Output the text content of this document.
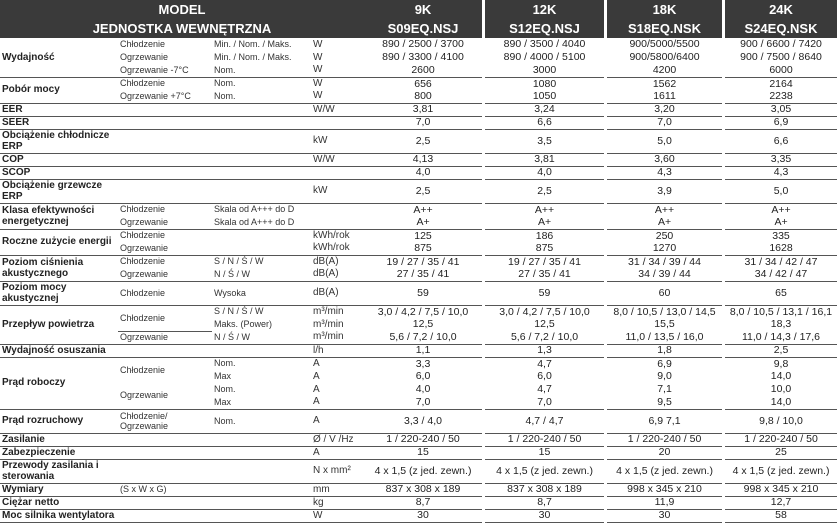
MODEL 9K						12K		18K		24K

JEDNOSTKA WEWNĘTRZNA S09EQ.NSJ						S12EQ.NSJ		S18EQ.NSK		S24EQ.NSK
Wydajność	Chłodzenie	Min. / Nom. / Maks.	W	890 / 2500 / 3700		890 / 3500 / 4040		900/5000/5500		900 / 6600 / 7420
	Ogrzewanie	Min. / Nom. / Maks.	W	890 / 3300 / 4100		890 / 4000 / 5100		900/5800/6400		900 / 7500 / 8640
	Ogrzewanie -7°C	Nom.	W	2600		3000		4200		6000
Pobór mocy	Chłodzenie	Nom.	W	656		1080		1562		2164
	Ogrzewanie +7°C	Nom.	W	800		1050		1611		2238
EER			W/W	3,81		3,24		3,20		3,05
SEER				7,0		6,6		7,0		6,9
Obciążenie chłodnicze ERP			kW	2,5		3,5		5,0		6,6
COP			W/W	4,13		3,81		3,60		3,35
SCOP				4,0		4,0		4,3		4,3
Obciążenie grzewcze ERP			kW	2,5		2,5		3,9		5,0
Klasa efektywności energetycznej	Chłodzenie	Skala od A+++ do D		A++		A++		A++		A++
	Ogrzewanie	Skala od A+++ do D		A+		A+		A+		A+
Roczne zużycie energii	Chłodzenie		kWh/rok	125		186		250		335
	Ogrzewanie		kWh/rok	875		875		1270		1628
Poziom ciśnienia akustycznego	Chłodzenie	S / N / Ś / W	dB(A)	19 / 27 / 35 / 41		19 / 27 / 35 / 41		31 / 34 / 39 / 44		31 / 34 / 42 / 47
	Ogrzewanie	N / Ś / W	dB(A)	27 / 35 / 41		27 / 35 / 41		34 / 39 / 44		34 / 42 / 47
Poziom mocy akustycznej	Chłodzenie	Wysoka	dB(A)	59		59		60		65
Przepływ powietrza	Chłodzenie	S / N / Ś / W	m³/min	3,0 / 4,2 / 7,5 / 10,0		3,0 / 4,2 / 7,5 / 10,0		8,0 / 10,5 / 13,0 / 14,5		8,0 / 10,5 / 13,1 / 16,1
		Maks. (Power)	m³/min	12,5		12,5		15,5		18,3
	Ogrzewanie	N / Ś / W	m³/min	5,6 / 7,2 / 10,0		5,6 / 7,2 / 10,0		11,0 / 13,5 / 16,0		11,0 / 14,3 / 17,6
Wydajność osuszania			l/h	1,1		1,3		1,8		2,5
Prąd roboczy	Chłodzenie	Nom.	A	3,3		4,7		6,9		9,8
		Max	A	6,0		6,0		9,0		14,0
	Ogrzewanie	Nom.	A	4,0		4,7		7,1		10,0
		Max	A	7,0		7,0		9,5		14,0
Prąd rozruchowy	Chłodzenie/ Ogrzewanie	Nom.	A	3,3 / 4,0		4,7 / 4,7		6,9 7,1		9,8 / 10,0
Zasilanie			Ø / V /Hz	1 / 220-240 / 50		1 / 220-240 / 50		1 / 220-240 / 50		1 / 220-240 / 50
Zabezpieczenie			A	15		15		20		25
Przewody zasilania i sterowania			N x mm²	4 x 1,5 (z jed. zewn.)		4 x 1,5 (z jed. zewn.)		4 x 1,5 (z jed. zewn.)		4 x 1,5 (z jed. zewn.)
Wymiary	(S x W x G)		mm	837 x 308 x 189		837 x 308 x 189		998 x 345 x 210		998 x 345 x 210
Ciężar netto			kg	8,7		8,7		11,9		12,7
Moc silnika wentylatora			W	30		30		30		58
